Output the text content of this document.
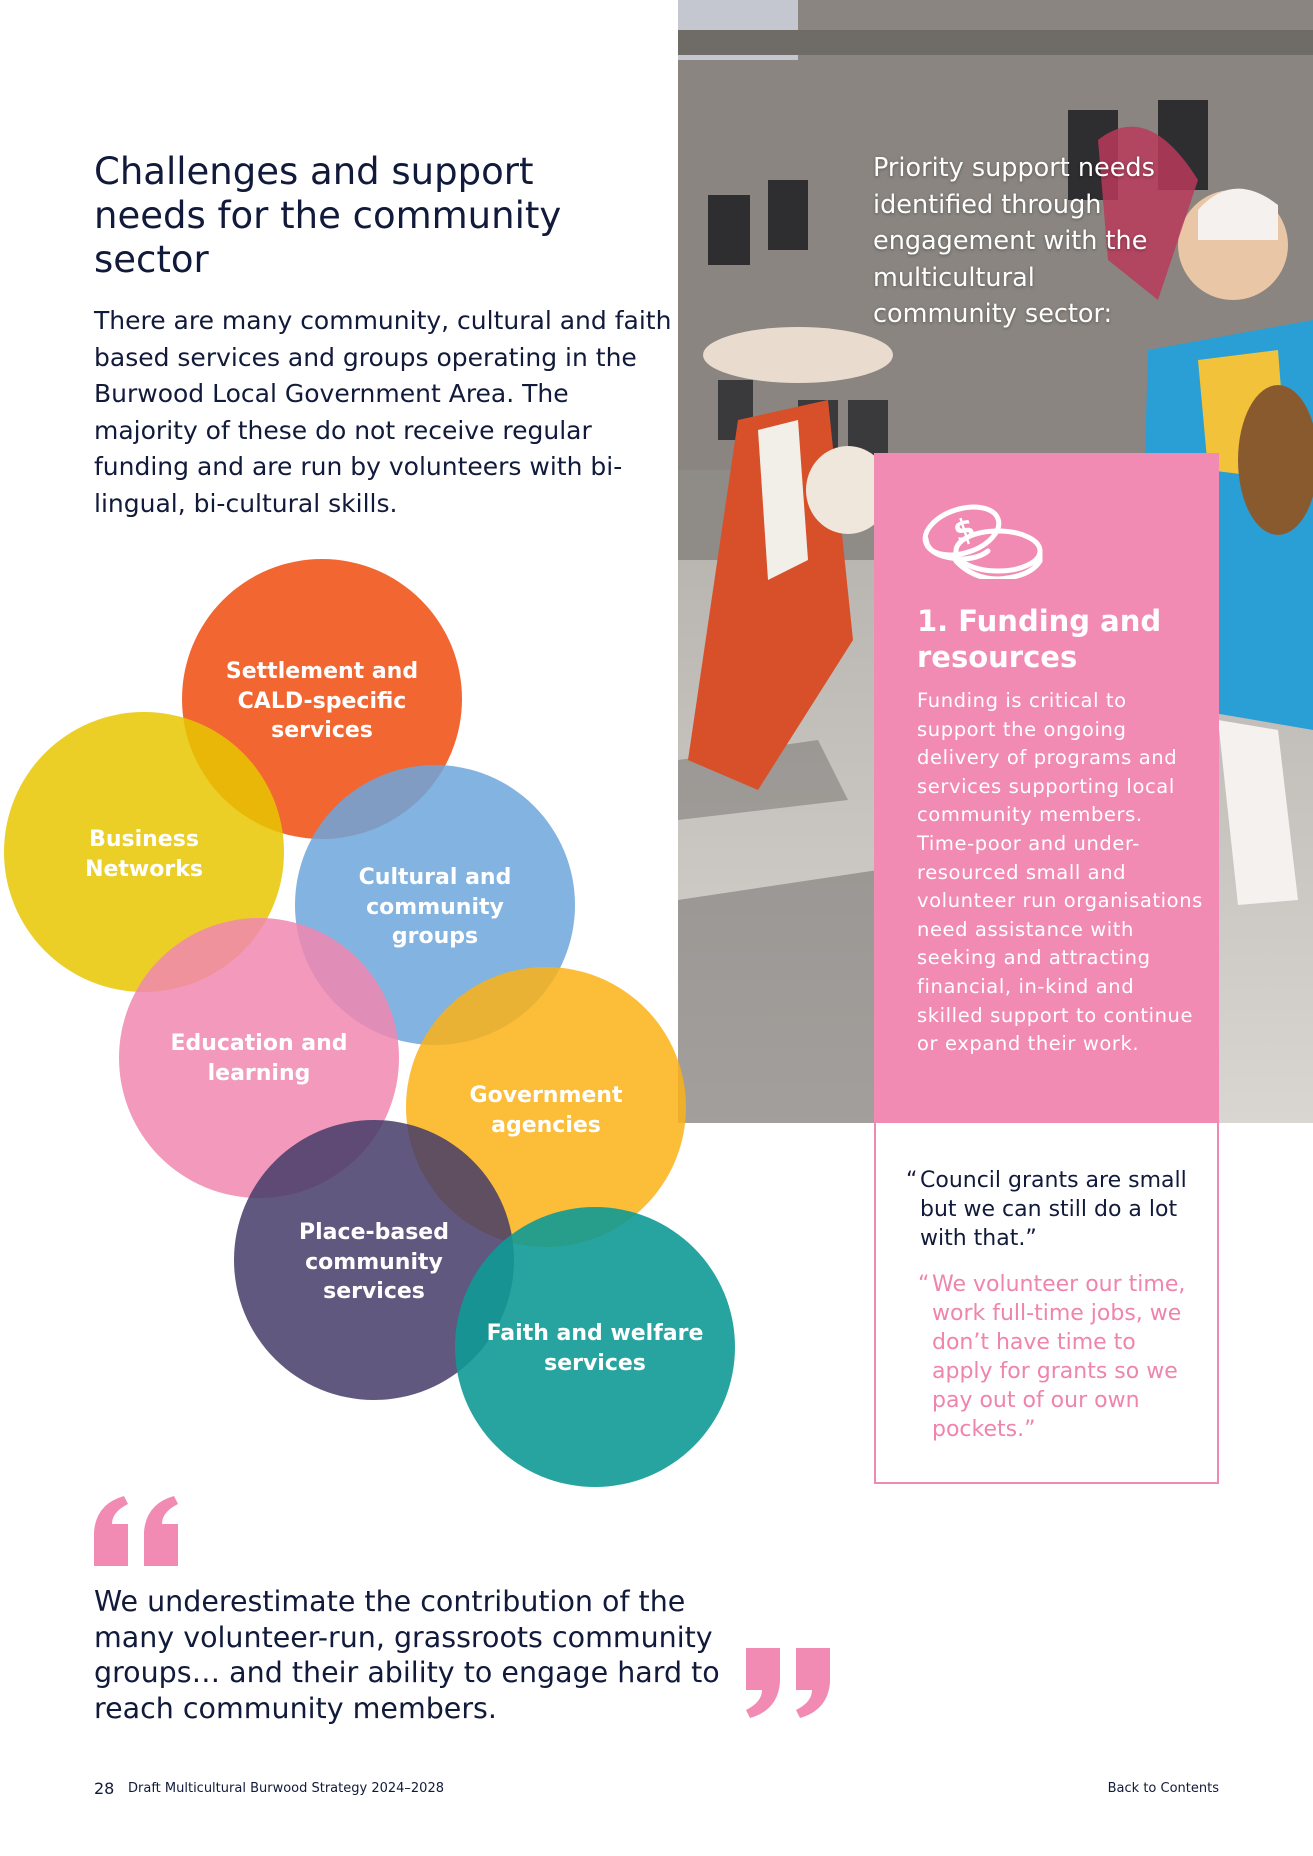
Challenges and support needs for the community sector

There are many community, cultural and faith based services and groups operating in the Burwood Local Government Area. The majority of these do not receive regular funding and are run by volunteers with bi-lingual, bi-cultural skills.

Priority support needs identified through engagement with the multicultural community sector:

$
1. Funding and resources

Funding is critical to support the ongoing delivery of programs and services supporting local community members. Time-poor and under-resourced small and volunteer run organisations need assistance with seeking and attracting financial, in-kind and skilled support to continue or expand their work.

“ Council grants are small but we can still do a lot with that.”

“ We volunteer our time, work full-time jobs, we don’t have time to apply for grants so we pay out of our own pockets.”

Settlement and CALD-specific services
Business Networks	Cultural and community groups
Education and learning
Government agencies
Place-based community services
Faith and welfare services

We underestimate the contribution of the many volunteer-run, grassroots community groups… and their ability to engage hard to reach community members.

28 Draft Multicultural Burwood Strategy 2024–2028	Back to Contents
